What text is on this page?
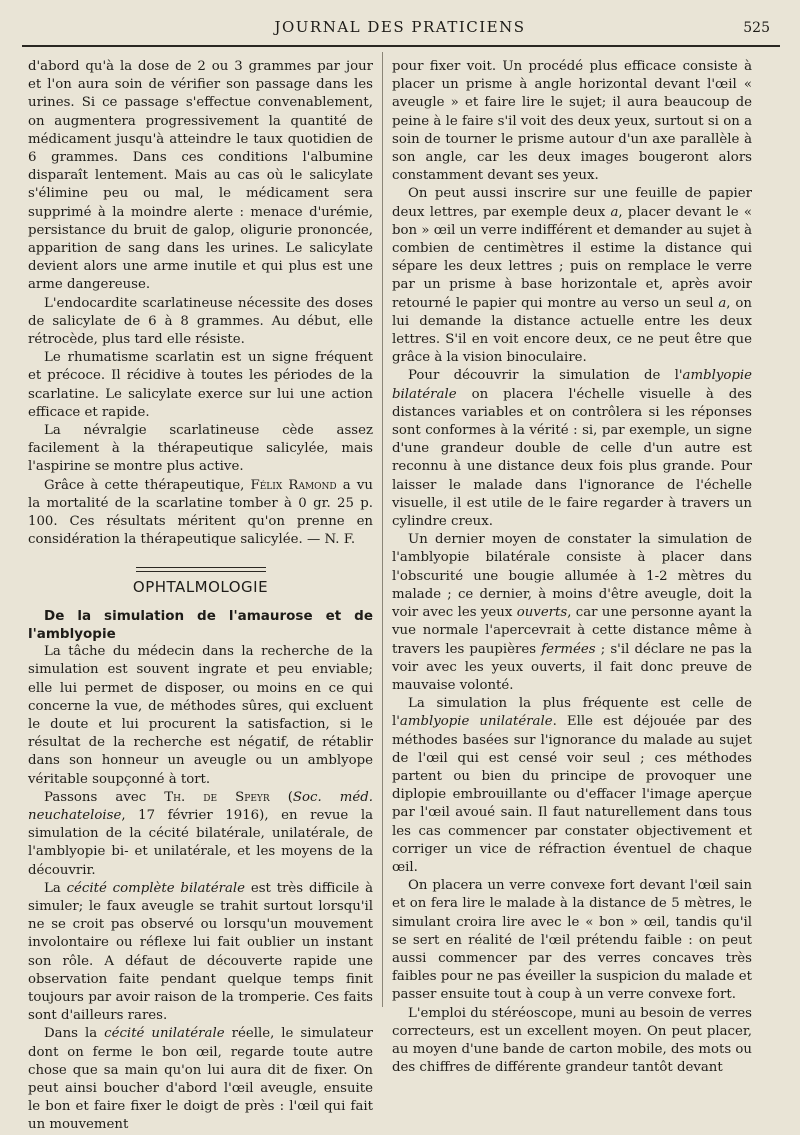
JOURNAL DES PRATICIENS	525

d'abord qu'à la dose de 2 ou 3 grammes par jour et l'on aura soin de vérifier son passage dans les urines. Si ce passage s'effectue convenablement, on augmentera progressivement la quantité de médicament jusqu'à atteindre le taux quotidien de 6 grammes. Dans ces conditions l'albumine disparaît lentement. Mais au cas où le salicylate s'élimine peu ou mal, le médicament sera supprimé à la moindre alerte : menace d'urémie, persistance du bruit de galop, oligurie prononcée, apparition de sang dans les urines. Le salicylate devient alors une arme inutile et qui plus est une arme dangereuse.

L'endocardite scarlatineuse nécessite des doses de salicylate de 6 à 8 grammes. Au début, elle rétrocède, plus tard elle résiste.

Le rhumatisme scarlatin est un signe fréquent et précoce. Il récidive à toutes les périodes de la scarlatine. Le salicylate exerce sur lui une action efficace et rapide.

La névralgie scarlatineuse cède assez facilement à la thérapeutique salicylée, mais l'aspirine se montre plus active.

Grâce à cette thérapeutique, Félix Ramond a vu la mortalité de la scarlatine tomber à 0 gr. 25 p. 100. Ces résultats méritent qu'on prenne en considération la thérapeutique salicylée. — N. F.

OPHTALMOLOGIE

De la simulation de l'amaurose et de l'amblyopie

La tâche du médecin dans la recherche de la simulation est souvent ingrate et peu enviable; elle lui permet de disposer, ou moins en ce qui concerne la vue, de méthodes sûres, qui excluent le doute et lui procurent la satisfaction, si le résultat de la recherche est négatif, de rétablir dans son honneur un aveugle ou un amblyope véritable soupçonné à tort.

Passons avec Th. de Speyr (Soc. méd. neuchateloise, 17 février 1916), en revue la simulation de la cécité bilatérale, unilatérale, de l'amblyopie bi- et unilatérale, et les moyens de la découvrir.

La cécité complète bilatérale est très difficile à simuler; le faux aveugle se trahit surtout lorsqu'il ne se croit pas observé ou lorsqu'un mouvement involontaire ou réflexe lui fait oublier un instant son rôle. A défaut de découverte rapide une observation faite pendant quelque temps finit toujours par avoir raison de la tromperie. Ces faits sont d'ailleurs rares.

Dans la cécité unilatérale réelle, le simulateur dont on ferme le bon œil, regarde toute autre chose que sa main qu'on lui aura dit de fixer. On peut ainsi boucher d'abord l'œil aveugle, ensuite le bon et faire fixer le doigt de près : l'œil qui fait un mouvement

pour fixer voit. Un procédé plus efficace consiste à placer un prisme à angle horizontal devant l'œil « aveugle » et faire lire le sujet; il aura beaucoup de peine à le faire s'il voit des deux yeux, surtout si on a soin de tourner le prisme autour d'un axe parallèle à son angle, car les deux images bougeront alors constamment devant ses yeux.

On peut aussi inscrire sur une feuille de papier deux lettres, par exemple deux a, placer devant le « bon » œil un verre indifférent et demander au sujet à combien de centimètres il estime la distance qui sépare les deux lettres ; puis on remplace le verre par un prisme à base horizontale et, après avoir retourné le papier qui montre au verso un seul a, on lui demande la distance actuelle entre les deux lettres. S'il en voit encore deux, ce ne peut être que grâce à la vision binoculaire.

Pour découvrir la simulation de l'amblyopie bilatérale on placera l'échelle visuelle à des distances variables et on contrôlera si les réponses sont conformes à la vérité : si, par exemple, un signe d'une grandeur double de celle d'un autre est reconnu à une distance deux fois plus grande. Pour laisser le malade dans l'ignorance de l'échelle visuelle, il est utile de le faire regarder à travers un cylindre creux.

Un dernier moyen de constater la simulation de l'amblyopie bilatérale consiste à placer dans l'obscurité une bougie allumée à 1-2 mètres du malade ; ce dernier, à moins d'être aveugle, doit la voir avec les yeux ouverts, car une personne ayant la vue normale l'apercevrait à cette distance même à travers les paupières fermées ; s'il déclare ne pas la voir avec les yeux ouverts, il fait donc preuve de mauvaise volonté.

La simulation la plus fréquente est celle de l'amblyopie unilatérale. Elle est déjouée par des méthodes basées sur l'ignorance du malade au sujet de l'œil qui est censé voir seul ; ces méthodes partent ou bien du principe de provoquer une diplopie embrouillante ou d'effacer l'image aperçue par l'œil avoué sain. Il faut naturellement dans tous les cas commencer par constater objectivement et corriger un vice de réfraction éventuel de chaque œil.

On placera un verre convexe fort devant l'œil sain et on fera lire le malade à la distance de 5 mètres, le simulant croira lire avec le « bon » œil, tandis qu'il se sert en réalité de l'œil prétendu faible : on peut aussi commencer par des verres concaves très faibles pour ne pas éveiller la suspicion du malade et passer ensuite tout à coup à un verre convexe fort.

L'emploi du stéréoscope, muni au besoin de verres correcteurs, est un excellent moyen. On peut placer, au moyen d'une bande de carton mobile, des mots ou des chiffres de différente grandeur tantôt devant
